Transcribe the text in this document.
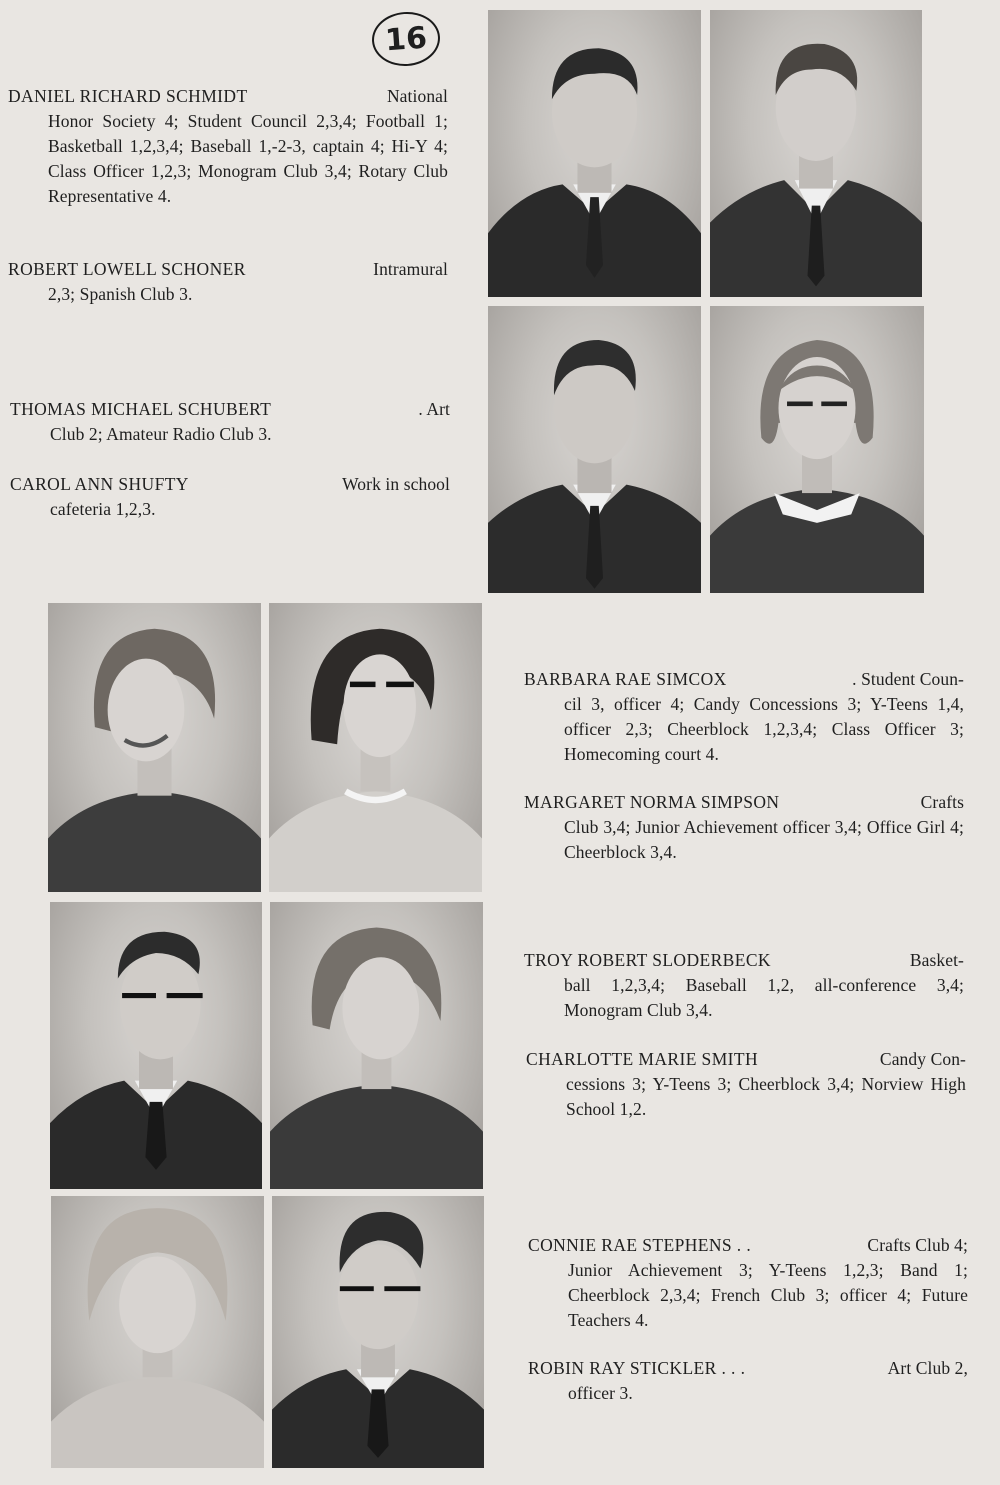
16
DANIEL RICHARD SCHMIDT	National
Honor Society 4; Student Council 2,3,4; Football 1; Basketball 1,2,3,4; Baseball 1,-2-3, captain 4; Hi-Y 4; Class Officer 1,2,3; Monogram Club 3,4; Rotary Club Representative 4.
ROBERT LOWELL SCHONER	Intramural
2,3; Spanish Club 3.
THOMAS MICHAEL SCHUBERT	. Art
Club 2; Amateur Radio Club 3.
CAROL ANN SHUFTY	Work in school
cafeteria 1,2,3.
BARBARA RAE SIMCOX	. Student Coun-
cil 3, officer 4; Candy Concessions 3; Y-Teens 1,4, officer 2,3; Cheerblock 1,2,3,4; Class Officer 3; Homecoming court 4.
MARGARET NORMA SIMPSON	Crafts
Club 3,4; Junior Achievement officer 3,4; Office Girl 4; Cheerblock 3,4.
TROY ROBERT SLODERBECK	Basket-
ball 1,2,3,4; Baseball 1,2, all-conference 3,4; Monogram Club 3,4.
CHARLOTTE MARIE SMITH	Candy Con-
cessions 3; Y-Teens 3; Cheerblock 3,4; Norview High School 1,2.
CONNIE RAE STEPHENS . .	Crafts Club 4;
Junior Achievement 3; Y-Teens 1,2,3; Band 1; Cheerblock 2,3,4; French Club 3; officer 4; Future Teachers 4.
ROBIN RAY STICKLER . . .	Art Club 2,
officer 3.
